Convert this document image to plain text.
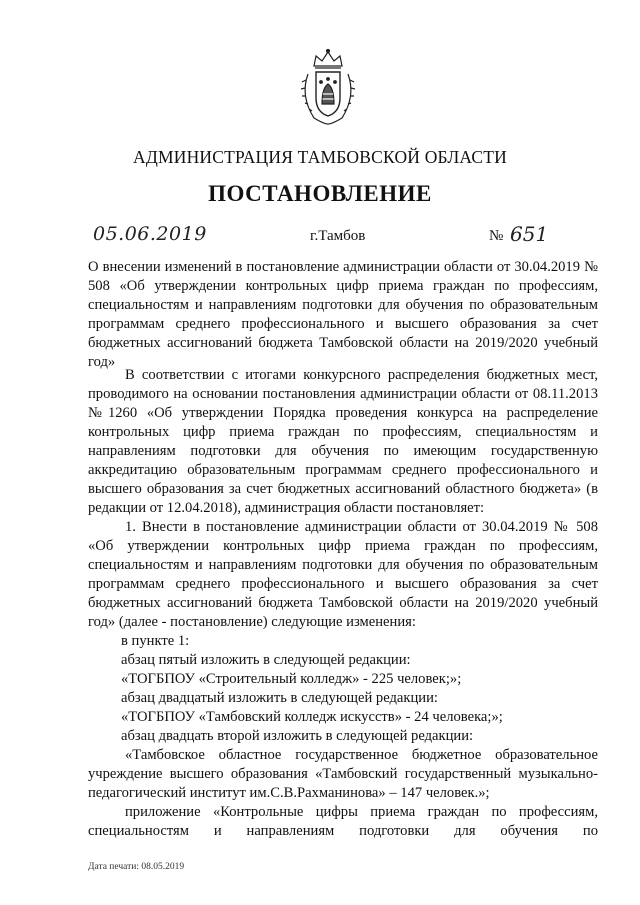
АДМИНИСТРАЦИЯ ТАМБОВСКОЙ ОБЛАСТИ
ПОСТАНОВЛЕНИЕ
05.06.2019	г.Тамбов	№ 651
О внесении изменений в постановление администрации области от 30.04.2019 № 508 «Об утверждении контрольных цифр приема граждан по профессиям, специальностям и направлениям подготовки для обучения по образовательным программам среднего профессионального и высшего образования за счет бюджетных ассигнований бюджета Тамбовской области на 2019/2020 учебный год»

В соответствии с итогами конкурсного распределения бюджетных мест, проводимого на основании постановления администрации области от 08.11.2013 №1260 «Об утверждении Порядка проведения конкурса на распределение контрольных цифр приема граждан по профессиям, специальностям и направлениям подготовки для обучения по имеющим государственную аккредитацию образовательным программам среднего профессионального и высшего образования за счет бюджетных ассигнований областного бюджета» (в редакции от 12.04.2018), администрация области постановляет:

1. Внести в постановление администрации области от 30.04.2019 № 508 «Об утверждении контрольных цифр приема граждан по профессиям, специальностям и направлениям подготовки для обучения по образовательным программам среднего профессионального и высшего образования за счет бюджетных ассигнований бюджета Тамбовской области на 2019/2020 учебный год» (далее - постановление) следующие изменения:

в пункте 1:

абзац пятый изложить в следующей редакции:

«ТОГБПОУ «Строительный колледж» - 225 человек;»;

абзац двадцатый изложить в следующей редакции:

«ТОГБПОУ «Тамбовский колледж искусств» - 24 человека;»;

абзац двадцать второй изложить в следующей редакции:

«Тамбовское областное государственное бюджетное образовательное учреждение высшего образования «Тамбовский государственный музыкально-педагогический институт им.С.В.Рахманинова» – 147 человек.»;

приложение «Контрольные цифры приема граждан по профессиям, специальностям и направлениям подготовки для обучения по

Дата печати: 08.05.2019
